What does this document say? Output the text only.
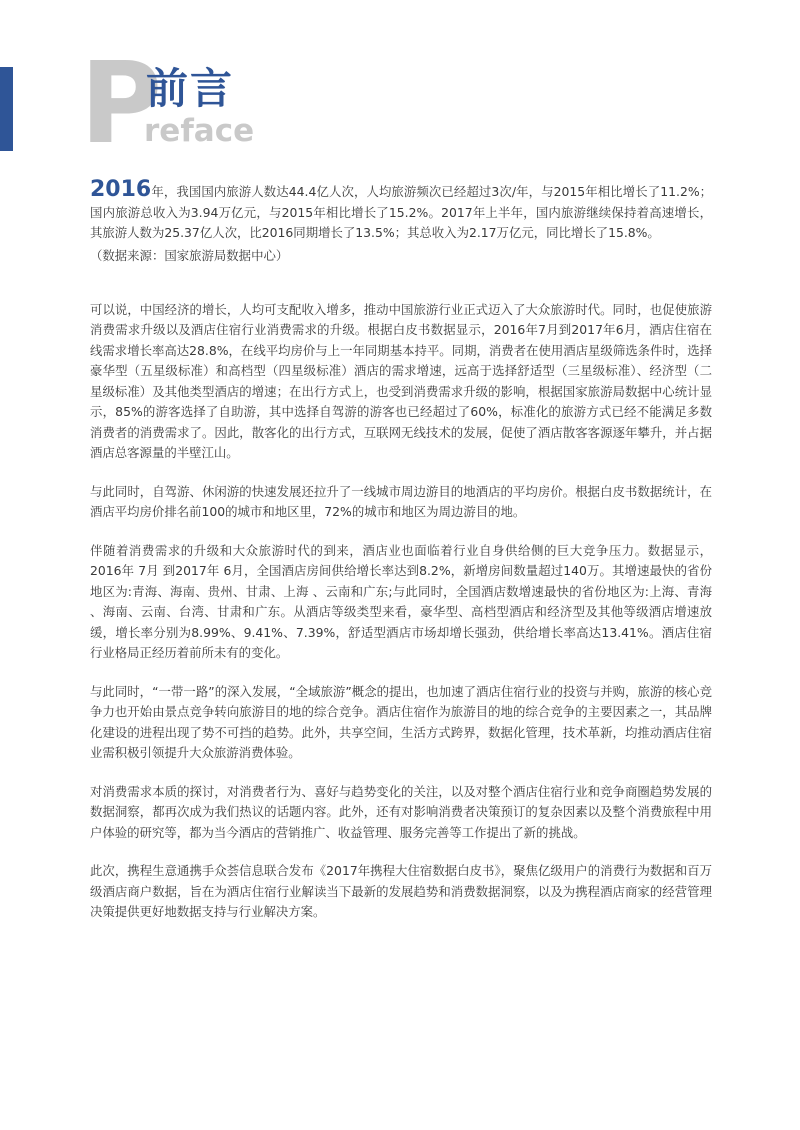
P
前言
reface

2016年，我国国内旅游人数达44.4亿人次，人均旅游频次已经超过3次/年，与2015年相比增长了11.2%； 国内旅游总收入为3.94万亿元，与2015年相比增长了15.2%。2017年上半年，国内旅游继续保持着高速增长，其旅游人数为25.37亿人次，比2016同期增长了13.5%；其总收入为2.17万亿元，同比增长了15.8%。

（数据来源：国家旅游局数据中心）

可以说，中国经济的增长，人均可支配收入增多，推动中国旅游行业正式迈入了大众旅游时代。同时，也促使旅游消费需求升级以及酒店住宿行业消费需求的升级。根据白皮书数据显示，2016年7月到2017年6月，酒店住宿在线需求增长率高达28.8%，在线平均房价与上一年同期基本持平。同期，消费者在使用酒店星级筛选条件时，选择豪华型（五星级标准）和高档型（四星级标准）酒店的需求增速，远高于选择舒适型（三星级标准）、经济型（二星级标准）及其他类型酒店的增速；在出行方式上，也受到消费需求升级的影响，根据国家旅游局数据中心统计显示，85%的游客选择了自助游，其中选择自驾游的游客也已经超过了60%，标准化的旅游方式已经不能满足多数消费者的消费需求了。因此，散客化的出行方式，互联网无线技术的发展，促使了酒店散客客源逐年攀升，并占据酒店总客源量的半壁江山。

与此同时，自驾游、休闲游的快速发展还拉升了一线城市周边游目的地酒店的平均房价。根据白皮书数据统计，在酒店平均房价排名前100的城市和地区里，72%的城市和地区为周边游目的地。

伴随着消费需求的升级和大众旅游时代的到来，酒店业也面临着行业自身供给侧的巨大竞争压力。数据显示，2016年 7月 到2017年 6月，全国酒店房间供给增长率达到8.2%，新增房间数量超过140万。其增速最快的省份地区为:青海、海南、贵州、甘肃、上海 、云南和广东;与此同时，全国酒店数增速最快的省份地区为:上海、青海 、海南、云南、台湾、甘肃和广东。从酒店等级类型来看，豪华型、高档型酒店和经济型及其他等级酒店增速放缓，增长率分别为8.99%、9.41%、7.39%，舒适型酒店市场却增长强劲，供给增长率高达13.41%。酒店住宿行业格局正经历着前所未有的变化。

与此同时，“一带一路”的深入发展，“全域旅游”概念的提出，也加速了酒店住宿行业的投资与并购，旅游的核心竞争力也开始由景点竞争转向旅游目的地的综合竞争。酒店住宿作为旅游目的地的综合竞争的主要因素之一，其品牌化建设的进程出现了势不可挡的趋势。此外，共享空间，生活方式跨界，数据化管理，技术革新，均推动酒店住宿业需积极引领提升大众旅游消费体验。

对消费需求本质的探讨，对消费者行为、喜好与趋势变化的关注，以及对整个酒店住宿行业和竞争商圈趋势发展的数据洞察，都再次成为我们热议的话题内容。此外，还有对影响消费者决策预订的复杂因素以及整个消费旅程中用户体验的研究等，都为当今酒店的营销推广、收益管理、服务完善等工作提出了新的挑战。

此次，携程生意通携手众荟信息联合发布《2017年携程大住宿数据白皮书》，聚焦亿级用户的消费行为数据和百万级酒店商户数据，旨在为酒店住宿行业解读当下最新的发展趋势和消费数据洞察，以及为携程酒店商家的经营管理决策提供更好地数据支持与行业解决方案。
